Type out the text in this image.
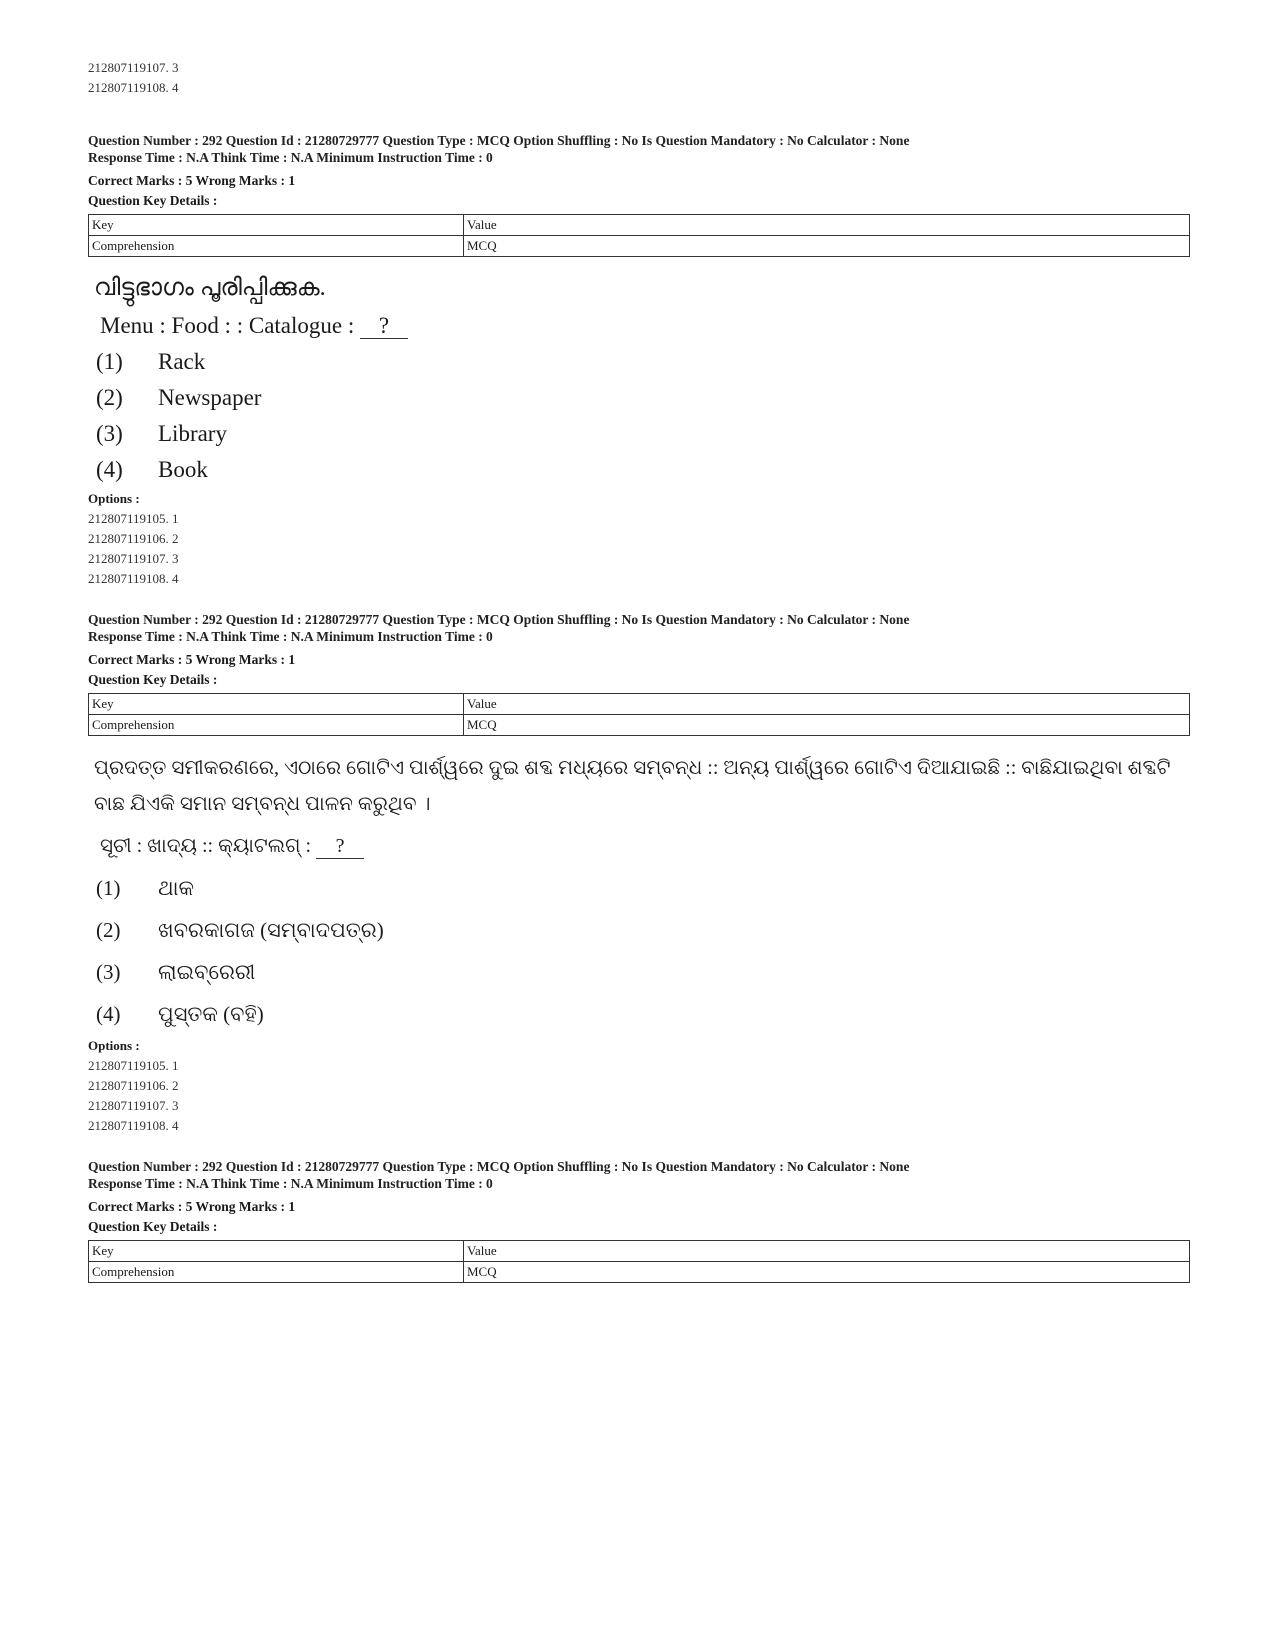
212807119107. 3
212807119108. 4
Question Number : 292 Question Id : 21280729777 Question Type : MCQ Option Shuffling : No Is Question Mandatory : No Calculator : None
Response Time : N.A Think Time : N.A Minimum Instruction Time : 0
Correct Marks : 5 Wrong Marks : 1
Question Key Details :
Key	Value
Comprehension	MCQ
വിട്ടുഭാഗം പൂരിപ്പിക്കുക.
Menu : Food : : Catalogue : ?
(1)	Rack
(2)	Newspaper
(3)	Library
(4)	Book
Options :
212807119105. 1
212807119106. 2
212807119107. 3
212807119108. 4
Question Number : 292 Question Id : 21280729777 Question Type : MCQ Option Shuffling : No Is Question Mandatory : No Calculator : None
Response Time : N.A Think Time : N.A Minimum Instruction Time : 0
Correct Marks : 5 Wrong Marks : 1
Question Key Details :
Key	Value
Comprehension	MCQ
ପ୍ରଦତ୍ତ ସମୀକରଣରେ, ଏଠାରେ ଗୋଟିଏ ପାର୍ଶ୍ୱରେ ଦୁଇ ଶବ୍ଦ ମଧ୍ୟରେ ସମ୍ବନ୍ଧ :: ଅନ୍ୟ ପାର୍ଶ୍ୱରେ ଗୋଟିଏ ଦିଆଯାଇଛି :: ବାଛିଯାଇଥିବା ଶବ୍ଦଟି ବାଛ ଯିଏକି ସମାନ ସମ୍ବନ୍ଧ ପାଳନ କରୁଥିବ ।
ସୂଚୀ : ଖାଦ୍ୟ :: କ୍ୟାଟଲଗ୍ : ?
(1)	ଥାକ
(2)	ଖବରକାଗଜ (ସମ୍ବାଦପତ୍ର)
(3)	ଲାଇବ୍ରେରୀ
(4)	ପୁସ୍ତକ (ବହି)
Options :
212807119105. 1
212807119106. 2
212807119107. 3
212807119108. 4
Question Number : 292 Question Id : 21280729777 Question Type : MCQ Option Shuffling : No Is Question Mandatory : No Calculator : None
Response Time : N.A Think Time : N.A Minimum Instruction Time : 0
Correct Marks : 5 Wrong Marks : 1
Question Key Details :
Key	Value
Comprehension	MCQ
